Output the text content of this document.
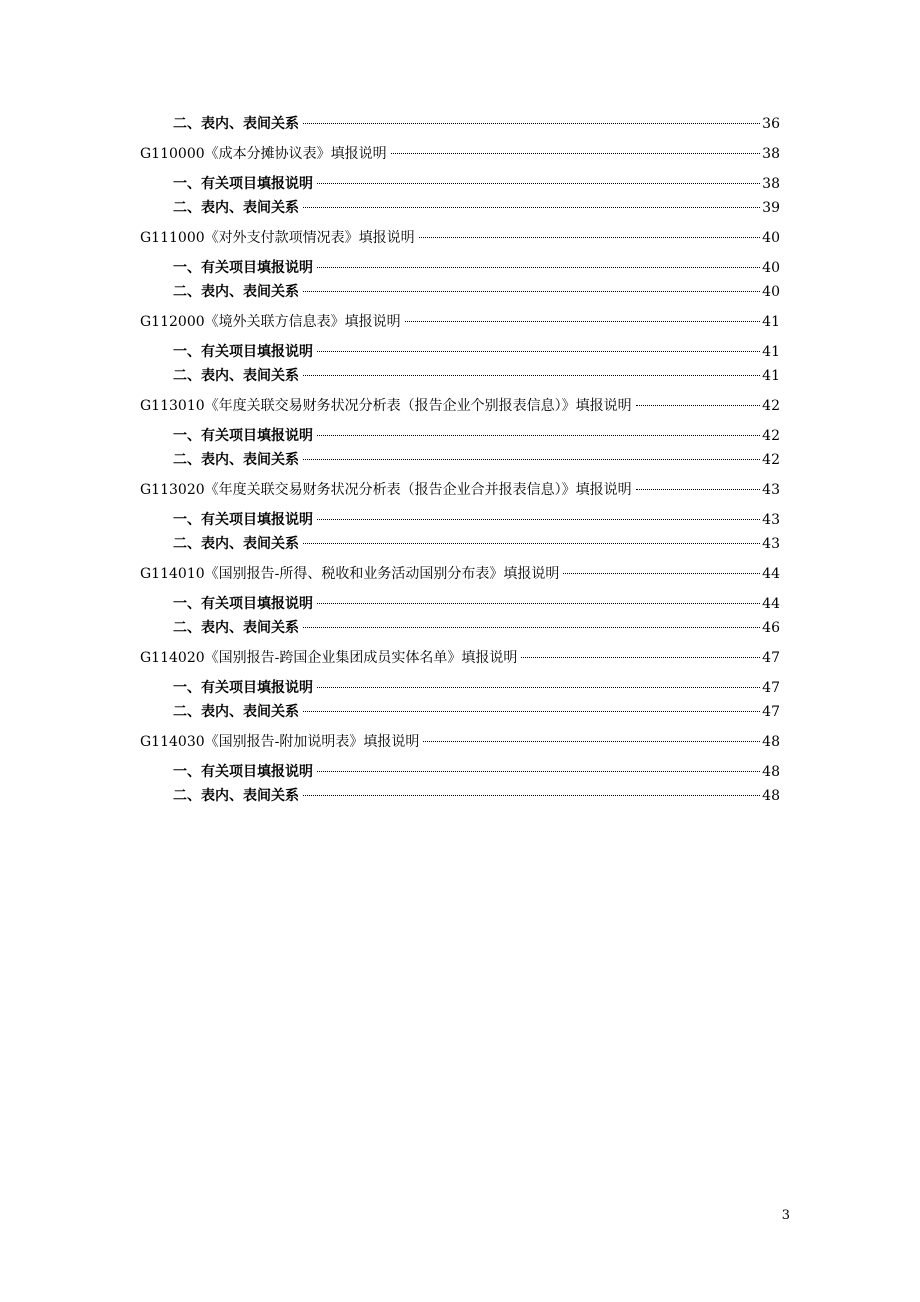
二、表内、表间关系	36
G110000《成本分摊协议表》填报说明	38
一、有关项目填报说明	38
二、表内、表间关系	39
G111000《对外支付款项情况表》填报说明	40
一、有关项目填报说明	40
二、表内、表间关系	40
G112000《境外关联方信息表》填报说明	41
一、有关项目填报说明	41
二、表内、表间关系	41
G113010《年度关联交易财务状况分析表（报告企业个别报表信息）》填报说明	42
一、有关项目填报说明	42
二、表内、表间关系	42
G113020《年度关联交易财务状况分析表（报告企业合并报表信息）》填报说明	43
一、有关项目填报说明	43
二、表内、表间关系	43
G114010《国别报告-所得、税收和业务活动国别分布表》填报说明	44
一、有关项目填报说明	44
二、表内、表间关系	46
G114020《国别报告-跨国企业集团成员实体名单》填报说明	47
一、有关项目填报说明	47
二、表内、表间关系	47
G114030《国别报告-附加说明表》填报说明	48
一、有关项目填报说明	48
二、表内、表间关系	48
3
